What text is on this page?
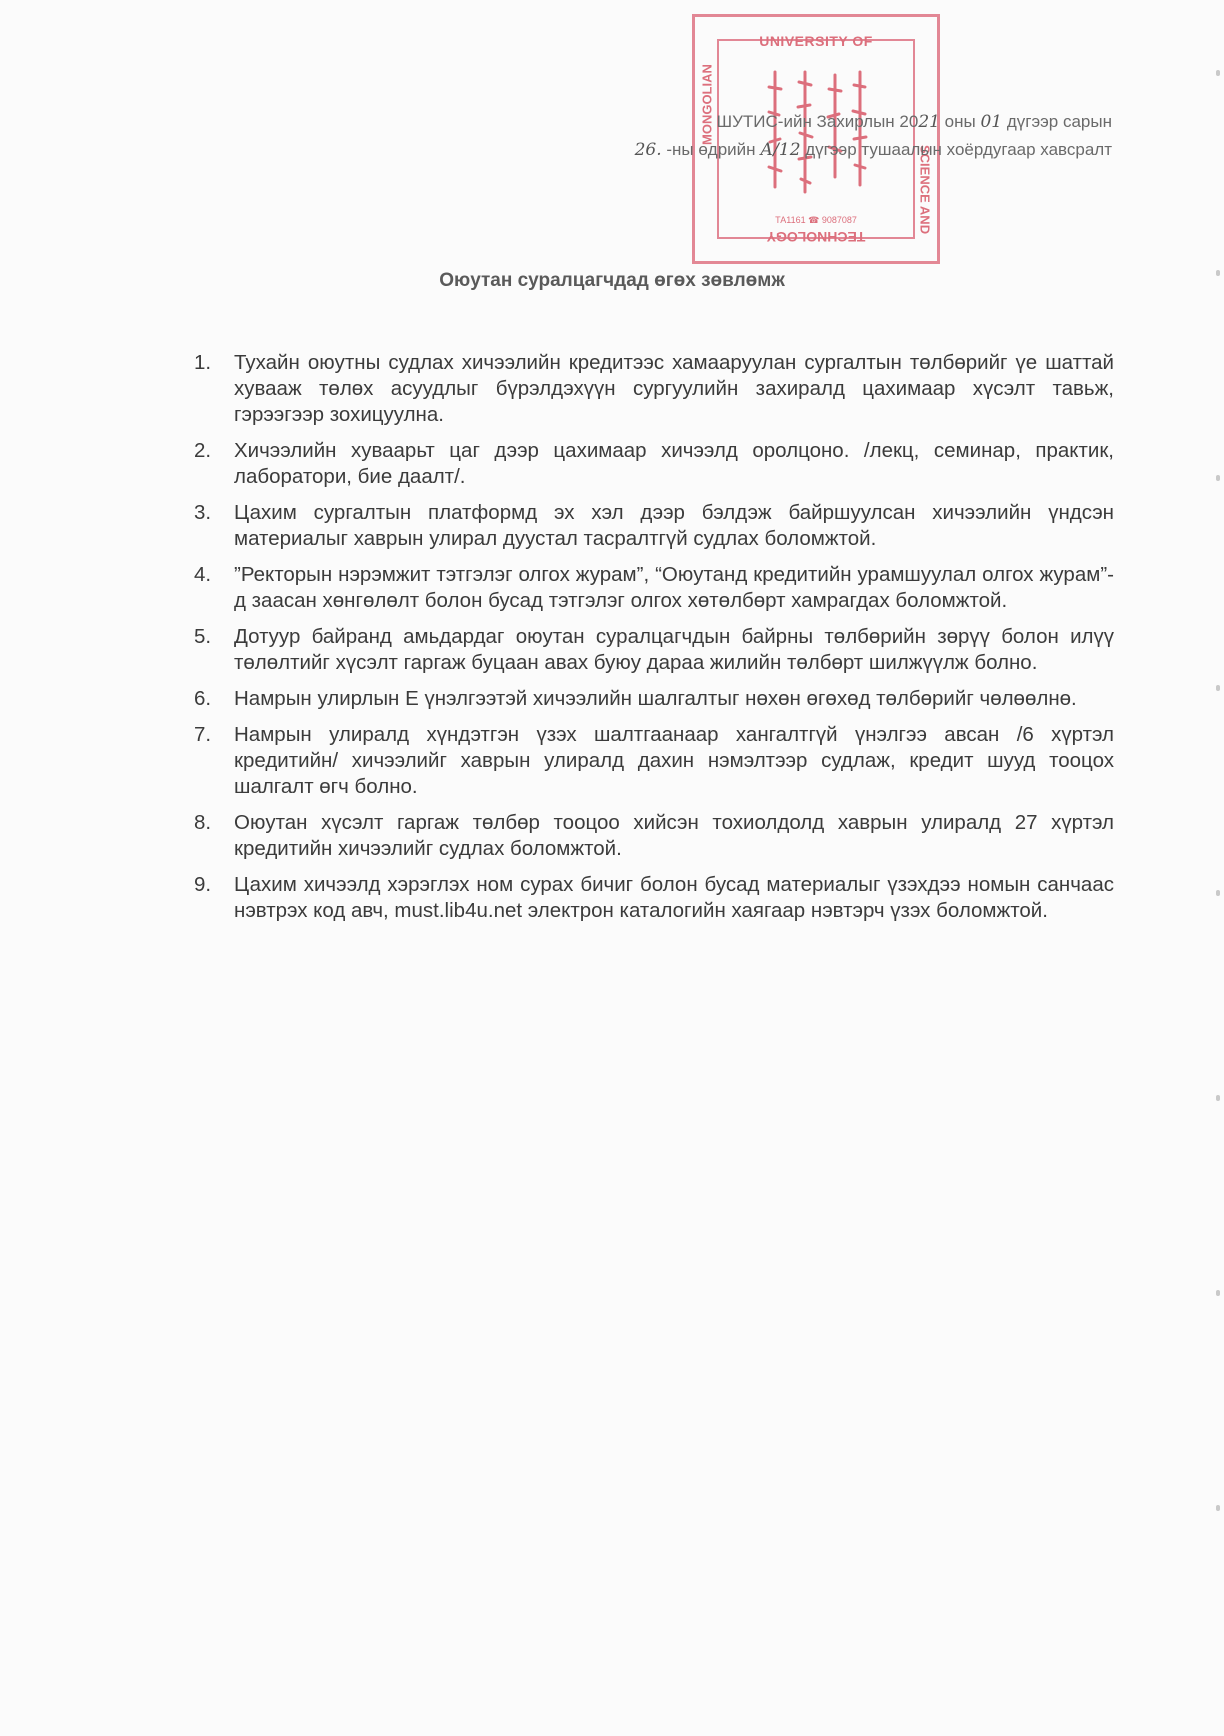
UNIVERSITY OF
MONGOLIAN
SCIENCE AND
ТА1161 ☎ 9087087
TECHNOLOGY
ШУТИС-ийн Захирлын 2021 оны 01 дүгээр сарын
26. -ны өдрийн А/12 дүгээр тушаалын хоёрдугаар хавсралт
Оюутан суралцагчдад өгөх зөвлөмж
1. Тухайн оюутны судлах хичээлийн кредитээс хамааруулан сургалтын төлбөрийг үе шаттай хувааж төлөх асуудлыг бүрэлдэхүүн сургуулийн захиралд цахимаар хүсэлт тавьж, гэрээгээр зохицуулна.
2. Хичээлийн хуваарьт цаг дээр цахимаар хичээлд оролцоно. /лекц, семинар, практик, лаборатори, бие даалт/.
3. Цахим сургалтын платформд эх хэл дээр бэлдэж байршуулсан хичээлийн үндсэн материалыг хаврын улирал дуустал тасралтгүй судлах боломжтой.
4. ”Ректорын нэрэмжит тэтгэлэг олгох журам”, “Оюутанд кредитийн урамшуулал олгох журам”-д заасан хөнгөлөлт болон бусад тэтгэлэг олгох хөтөлбөрт хамрагдах боломжтой.
5. Дотуур байранд амьдардаг оюутан суралцагчдын байрны төлбөрийн зөрүү болон илүү төлөлтийг хүсэлт гаргаж буцаан авах буюу дараа жилийн төлбөрт шилжүүлж болно.
6. Намрын улирлын Е үнэлгээтэй хичээлийн шалгалтыг нөхөн өгөхөд төлбөрийг чөлөөлнө.
7. Намрын улиралд хүндэтгэн үзэх шалтгаанаар хангалтгүй үнэлгээ авсан /6 хүртэл кредитийн/ хичээлийг хаврын улиралд дахин нэмэлтээр судлаж, кредит шууд тооцох шалгалт өгч болно.
8. Оюутан хүсэлт гаргаж төлбөр тооцоо хийсэн тохиолдолд хаврын улиралд 27 хүртэл кредитийн хичээлийг судлах боломжтой.
9. Цахим хичээлд хэрэглэх ном сурах бичиг болон бусад материалыг үзэхдээ номын санчаас нэвтрэх код авч, must.lib4u.net электрон каталогийн хаягаар нэвтэрч үзэх боломжтой.
